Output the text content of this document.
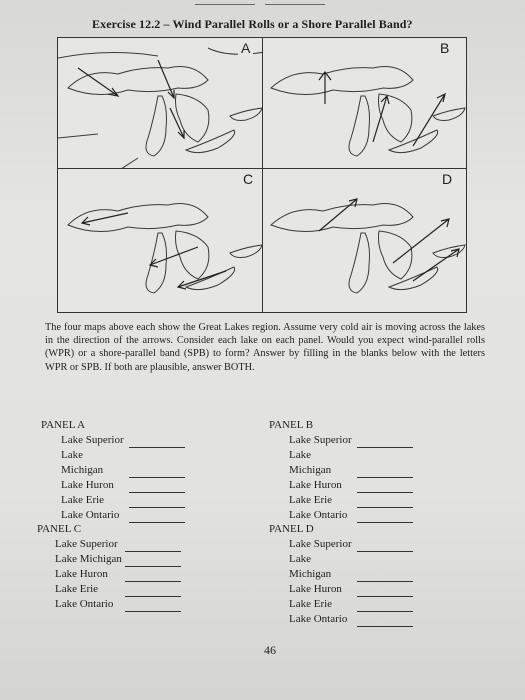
Exercise 12.2 – Wind Parallel Rolls or a Shore Parallel Band?
A	B
C	D
The four maps above each show the Great Lakes region. Assume very cold air is moving across the lakes in the direction of the arrows. Consider each lake on each panel. Would you expect wind-parallel rolls (WPR) or a shore-parallel band (SPB) to form? Answer by filling in the blanks below with the letters WPR or SPB. If both are plausible, answer BOTH.
PANEL A
Lake Superior
Lake Michigan
Lake Huron
Lake Erie
Lake Ontario
PANEL B
Lake Superior
Lake Michigan
Lake Huron
Lake Erie
Lake Ontario
PANEL C
Lake Superior
Lake Michigan
Lake Huron
Lake Erie
Lake Ontario
PANEL D
Lake Superior
Lake Michigan
Lake Huron
Lake Erie
Lake Ontario
46
